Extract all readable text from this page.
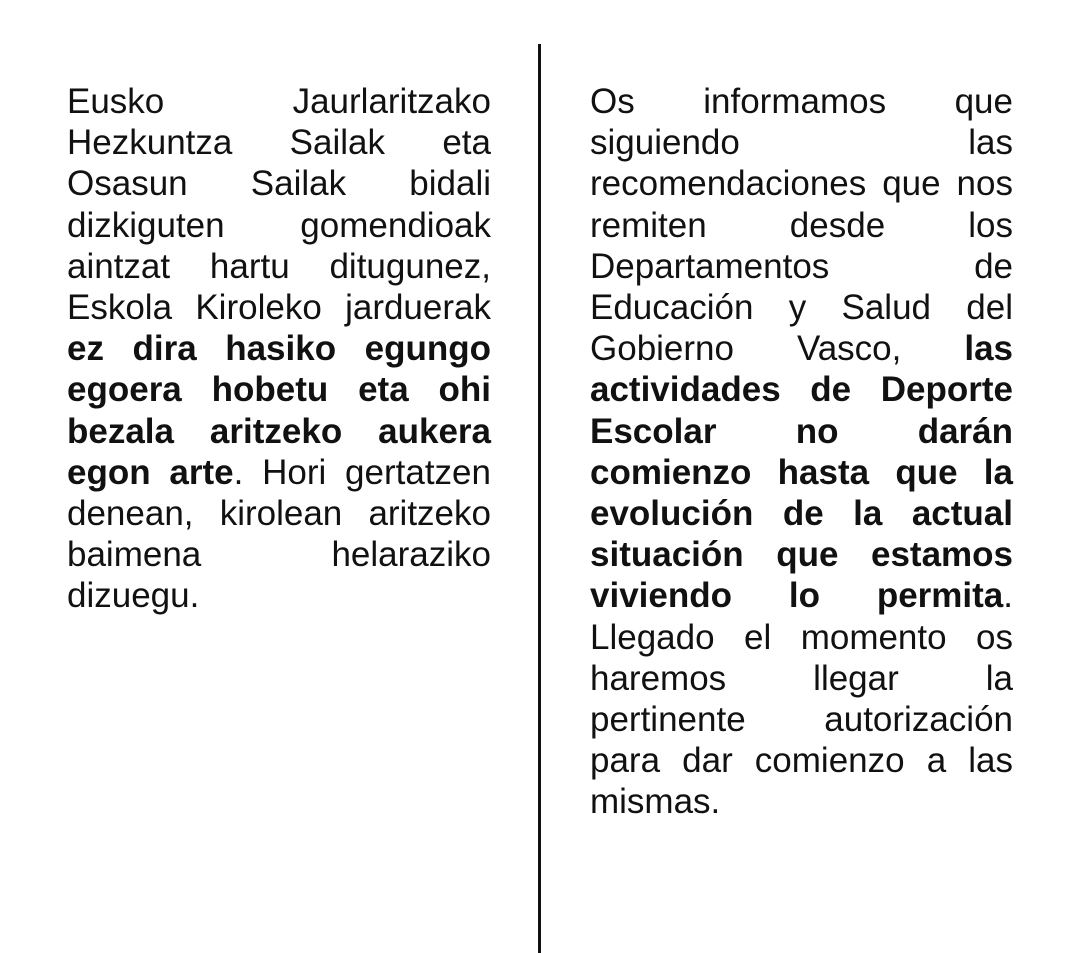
Eusko Jaurlaritzako Hezkuntza Sailak eta Osasun Sailak bidali dizkiguten gomendioak aintzat hartu ditugunez, Eskola Kiroleko jarduerak ez dira hasiko egungo egoera hobetu eta ohi bezala aritzeko aukera egon arte. Hori gertatzen denean, kirolean aritzeko baimena helaraziko dizuegu.
Os informamos que siguiendo las recomendaciones que nos remiten desde los Departamentos de Educación y Salud del Gobierno Vasco, las actividades de Deporte Escolar no darán comienzo hasta que la evolución de la actual situación que estamos viviendo lo permita. Llegado el momento os haremos llegar la pertinente autorización para dar comienzo a las mismas.
